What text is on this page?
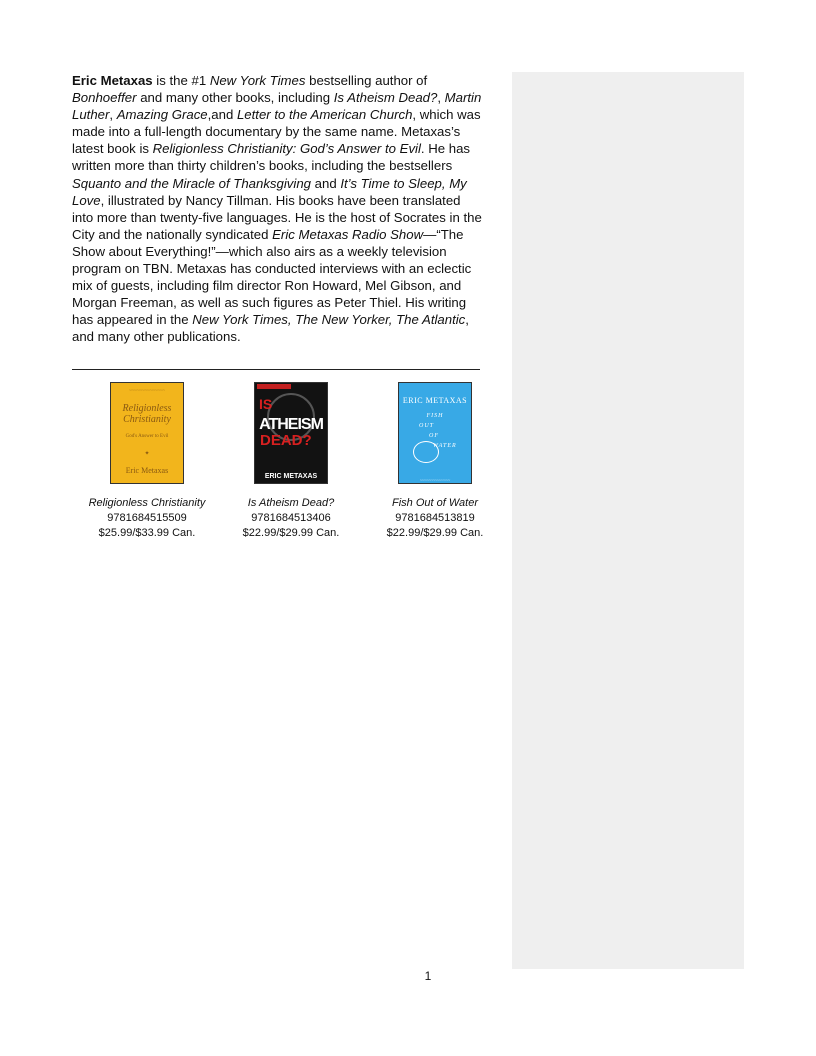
Eric Metaxas is the #1 New York Times bestselling author of Bonhoeffer and many other books, including Is Atheism Dead?, Martin Luther, Amazing Grace,and Letter to the American Church, which was made into a full-length documentary by the same name. Metaxas’s latest book is Religionless Christianity: God’s Answer to Evil. He has written more than thirty children’s books, including the bestsellers Squanto and the Miracle of Thanksgiving and It’s Time to Sleep, My Love, illustrated by Nancy Tillman. His books have been translated into more than twenty-five languages. He is the host of Socrates in the City and the nationally syndicated Eric Metaxas Radio Show—“The Show about Everything!”—which also airs as a weekly television program on TBN. Metaxas has conducted interviews with an eclectic mix of guests, including film director Ron Howard, Mel Gibson, and Morgan Freeman, as well as such figures as Peter Thiel. His writing has appeared in the New York Times, The New Yorker, The Atlantic, and many other publications.

~~~~~~~~~~~~~~~~~~~~~~
Religionless Christianity
God's Answer to Evil
✦
Eric Metaxas
Religionless Christianity
9781684515509
$25.99/$33.99 Can.
IS
ATHEISM
DEAD?
ERIC METAXAS
Is Atheism Dead?
9781684513406
$22.99/$29.99 Can.
ERIC METAXAS
FISH
OUT
OF
WATER
~~~~~~~~~~~~~~~~
Fish Out of Water
9781684513819
$22.99/$29.99 Can.
1
